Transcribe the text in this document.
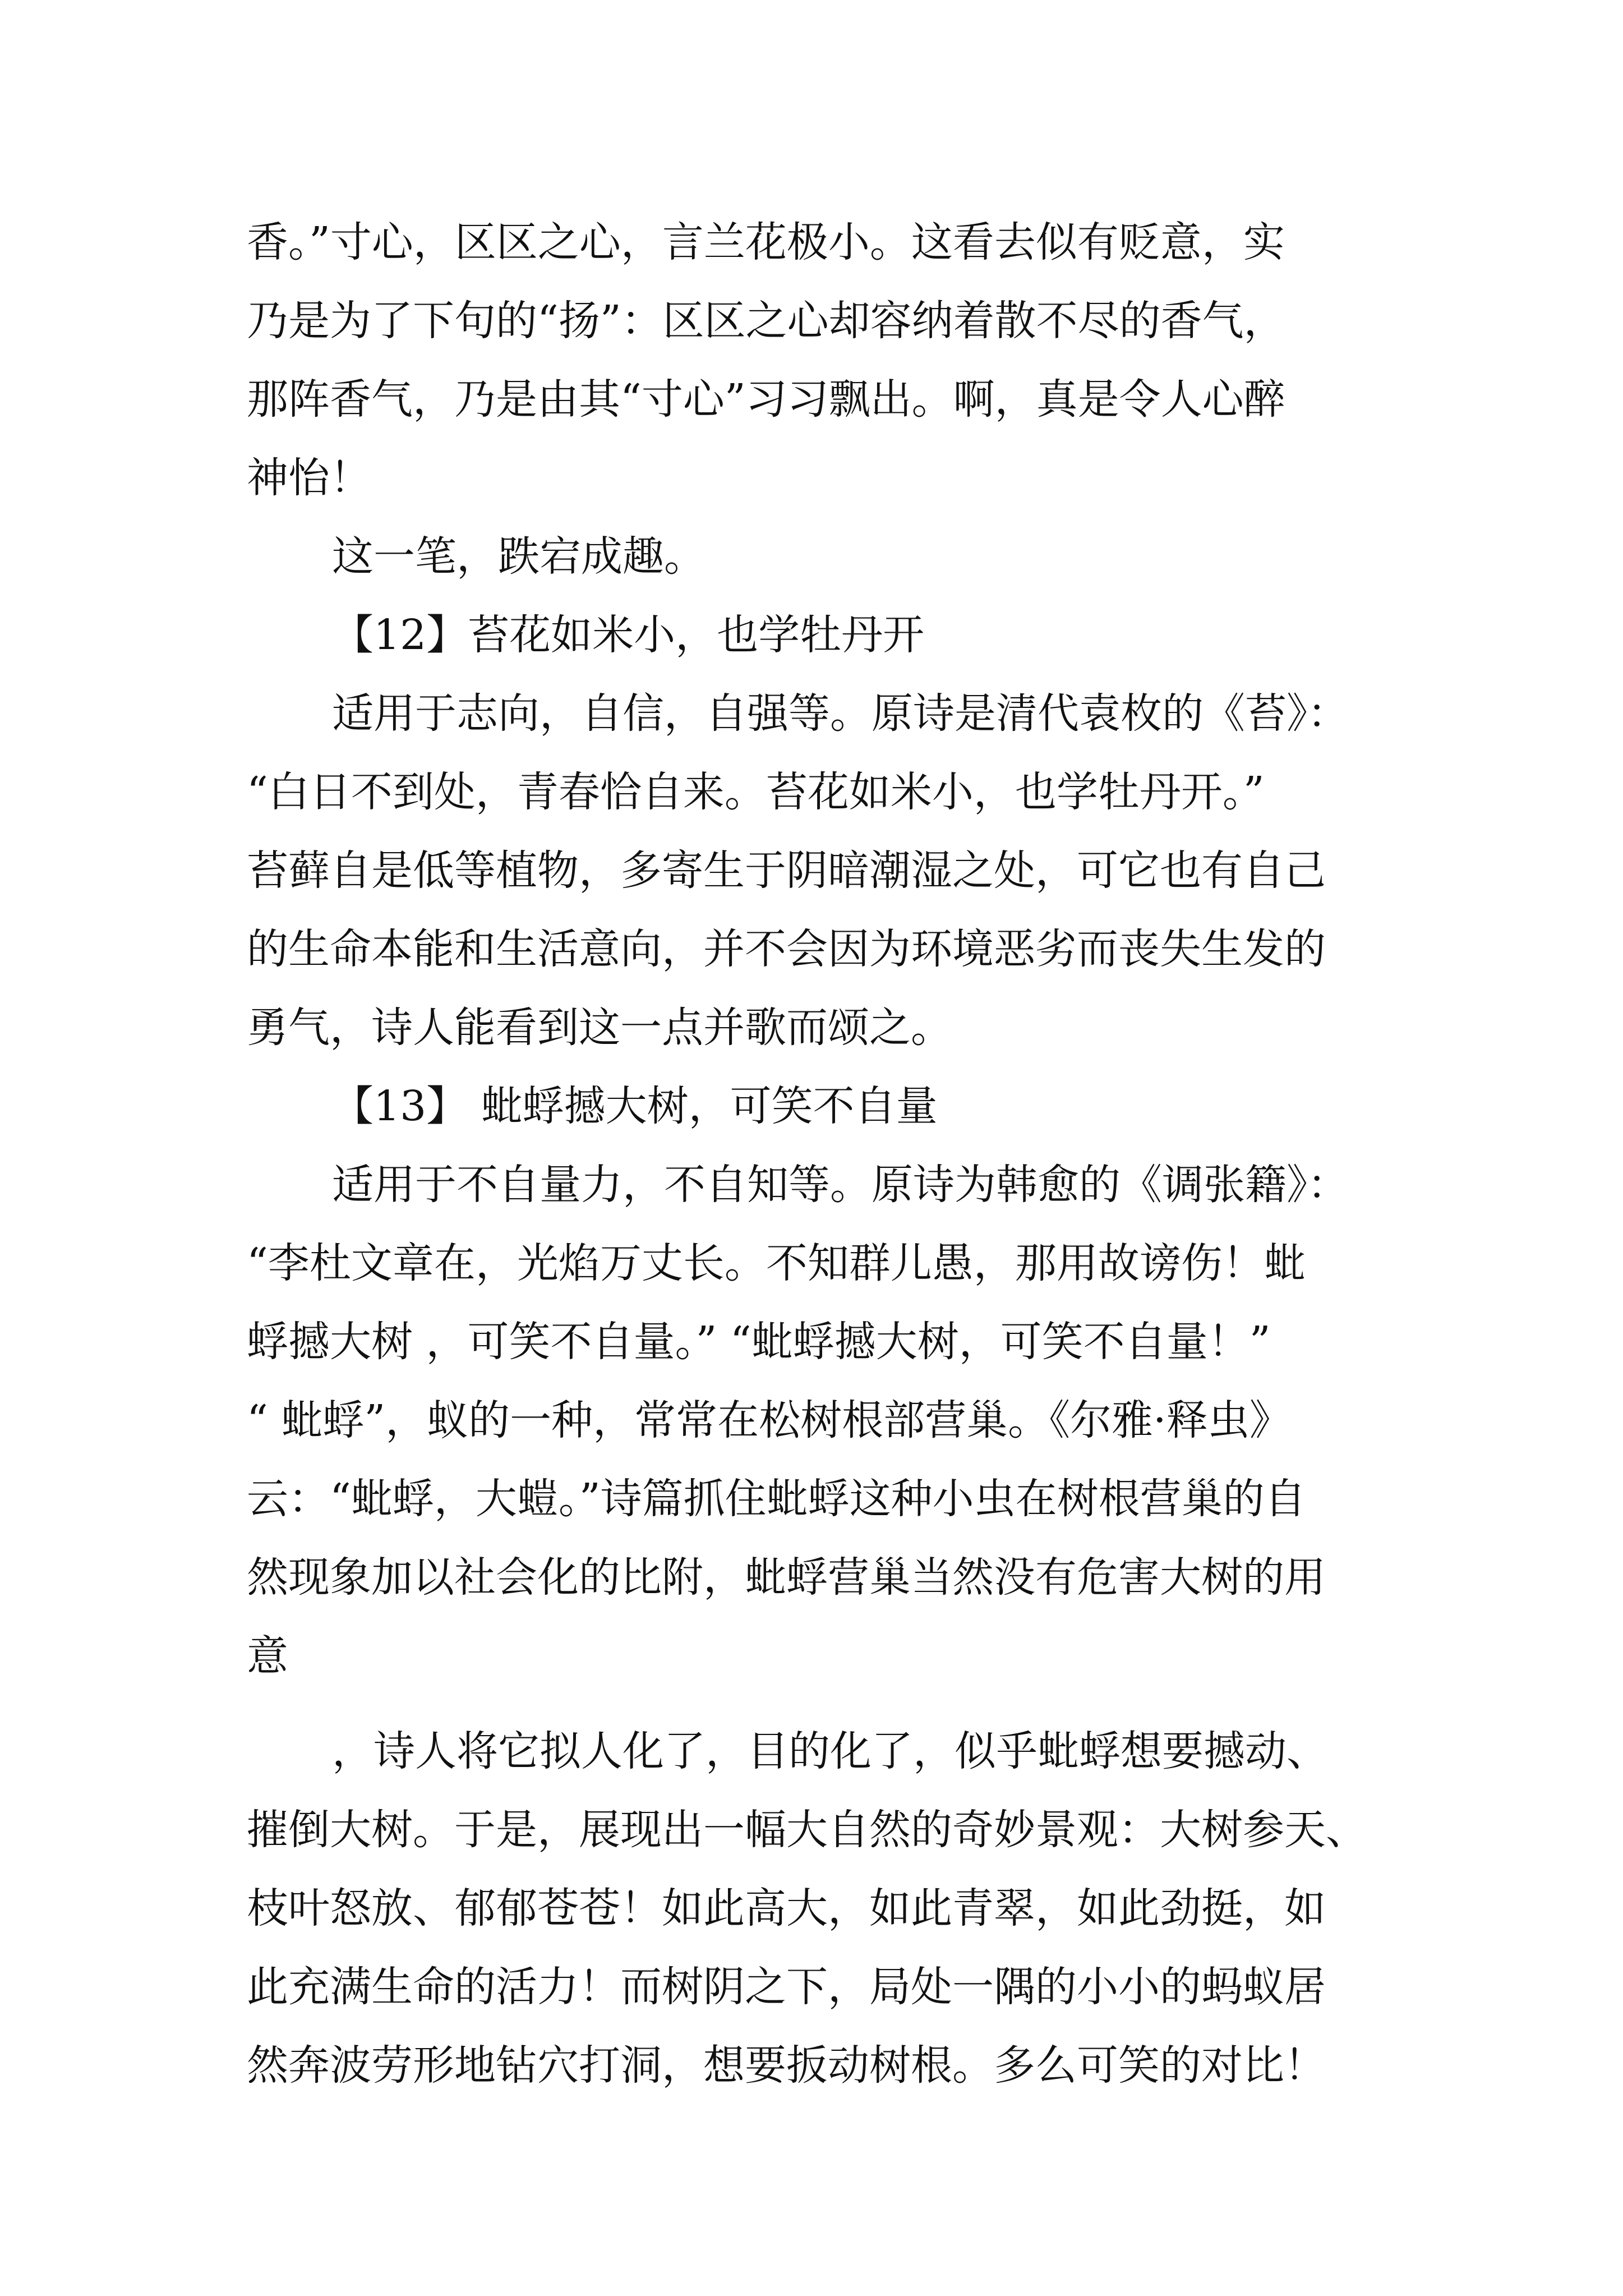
香。”寸心，区区之心，言兰花极小。这看去似有贬意，实
乃是为了下句的“扬”：区区之心却容纳着散不尽的香气，
那阵香气，乃是由其“寸心”习习飘出。啊，真是令人心醉
神怡！
这一笔，跌宕成趣。
【12】苔花如米小，也学牡丹开
适用于志向，自信，自强等。原诗是清代袁枚的《苔》：
“白日不到处，青春恰自来。苔花如米小，也学牡丹开。”
苔藓自是低等植物，多寄生于阴暗潮湿之处，可它也有自己
的生命本能和生活意向，并不会因为环境恶劣而丧失生发的
勇气，诗人能看到这一点并歌而颂之。
【13】 蚍蜉撼大树，可笑不自量
适用于不自量力，不自知等。原诗为韩愈的《调张籍》：
“李杜文章在，光焰万丈长。不知群儿愚，那用故谤伤！蚍
蜉撼大树 ，可笑不自量。” “蚍蜉撼大树，可笑不自量！”
“ 蚍蜉”，蚁的一种，常常在松树根部营巢。《尔雅·释虫》
云：“蚍蜉，大螘。”诗篇抓住蚍蜉这种小虫在树根营巢的自
然现象加以社会化的比附，蚍蜉营巢当然没有危害大树的用
意
，诗人将它拟人化了，目的化了，似乎蚍蜉想要撼动、
摧倒大树。于是，展现出一幅大自然的奇妙景观：大树参天、
枝叶怒放、郁郁苍苍！如此高大，如此青翠，如此劲挺，如
此充满生命的活力！而树阴之下，局处一隅的小小的蚂蚁居
然奔波劳形地钻穴打洞，想要扳动树根。多么可笑的对比！
